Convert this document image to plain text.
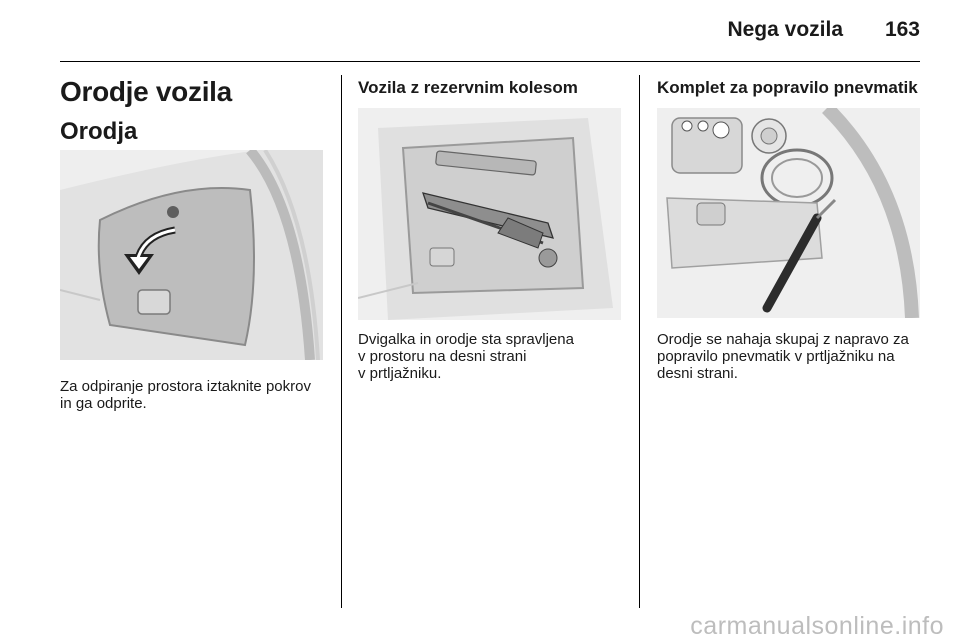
Nega vozila 163
Orodje vozila
Orodja
Za odpiranje prostora iztaknite pokrov
in ga odprite.
Vozila z rezervnim kolesom
Dvigalka in orodje sta spravljena
v prostoru na desni strani
v prtljažniku.
Komplet za popravilo pnevmatik
Orodje se nahaja skupaj z napravo za
popravilo pnevmatik v prtljažniku na
desni strani.
carmanualsonline.info
